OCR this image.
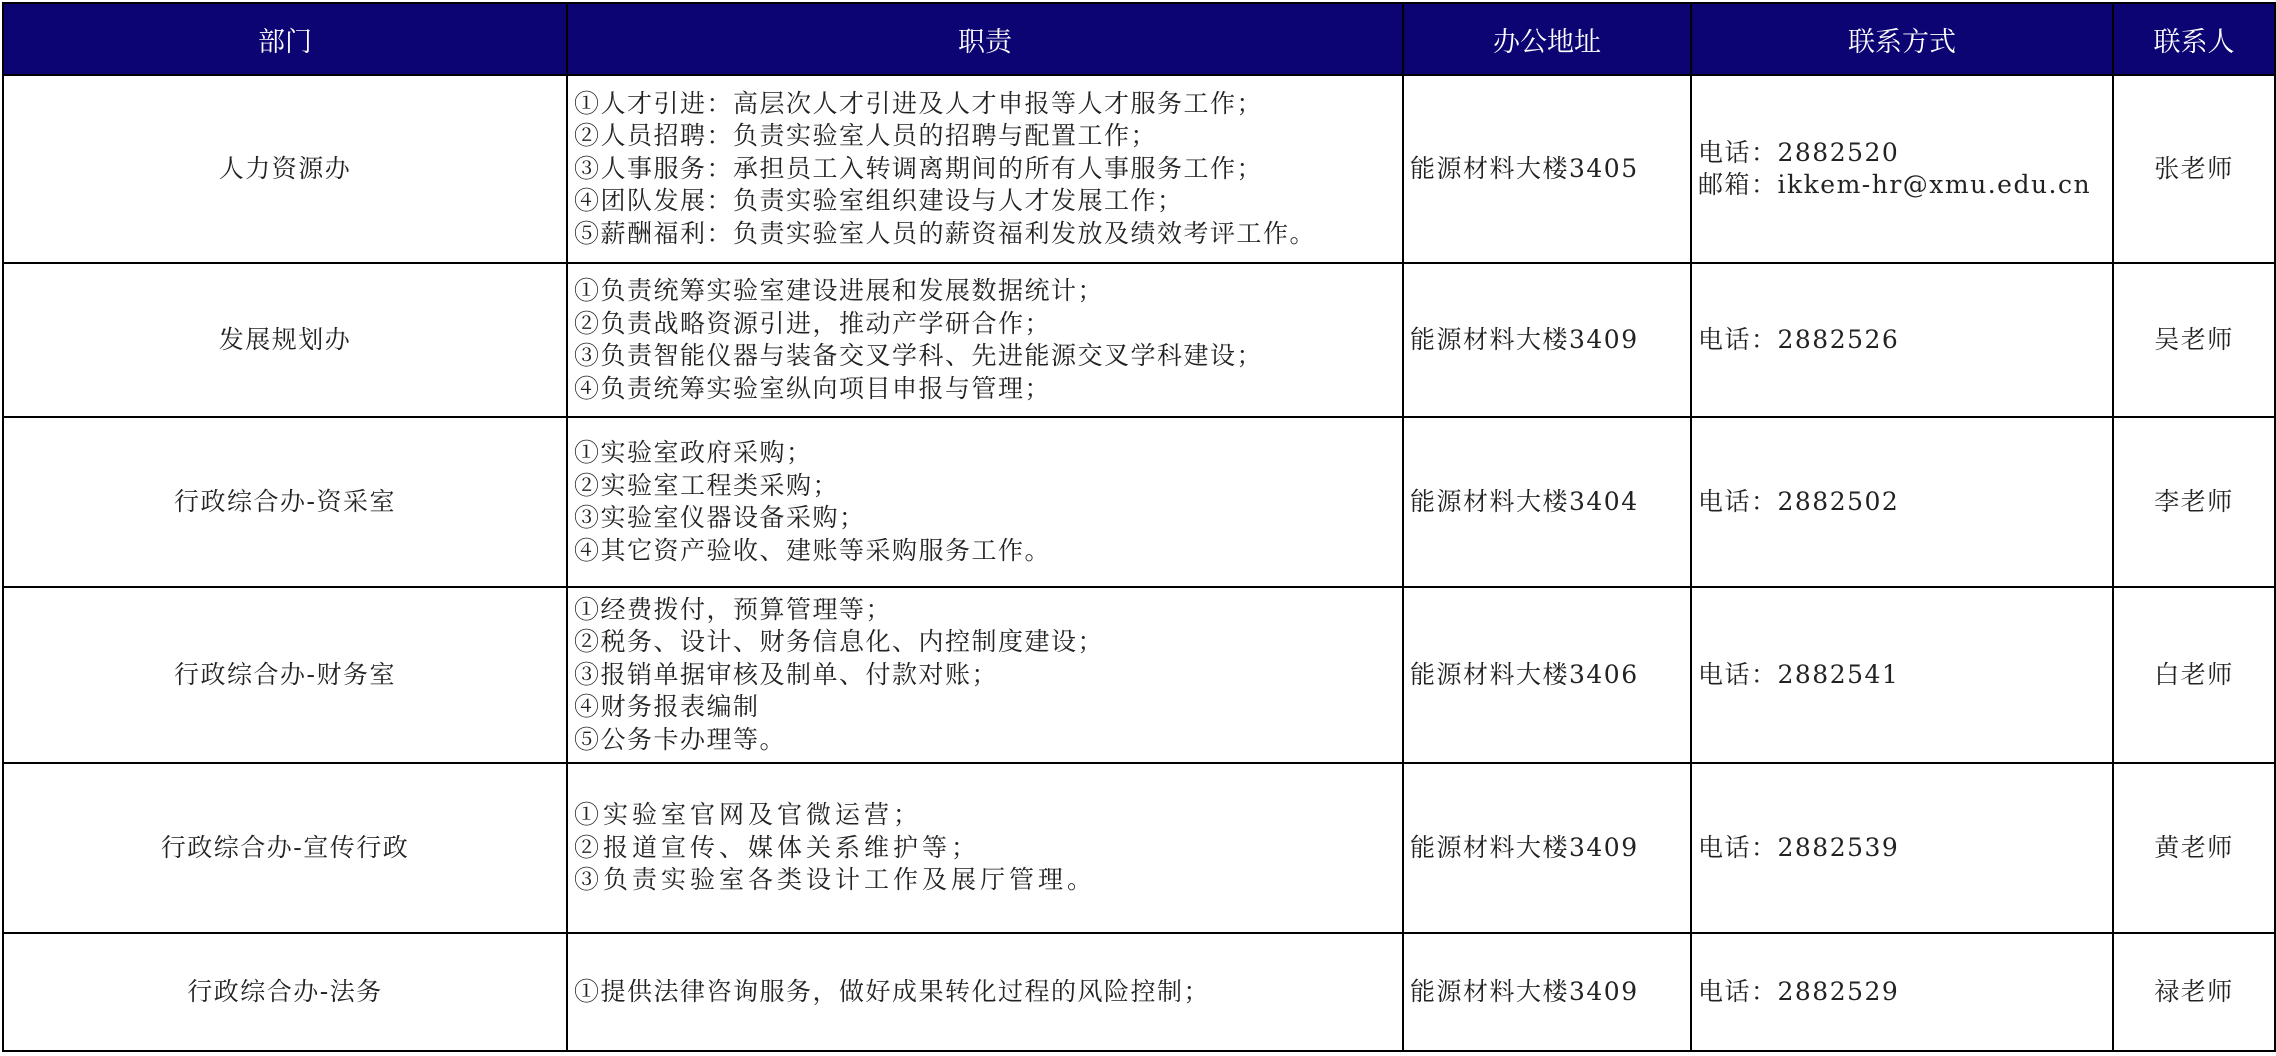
部门	职责	办公地址	联系方式	联系人
人力资源办	①人才引进：高层次人才引进及人才申报等人才服务工作；
②人员招聘：负责实验室人员的招聘与配置工作；
③人事服务：承担员工入转调离期间的所有人事服务工作；
④团队发展：负责实验室组织建设与人才发展工作；
⑤薪酬福利：负责实验室人员的薪资福利发放及绩效考评工作。	能源材料大楼3405	电话：2882520
邮箱：ikkem-hr@xmu.edu.cn	张老师
发展规划办	①负责统筹实验室建设进展和发展数据统计；
②负责战略资源引进，推动产学研合作；
③负责智能仪器与装备交叉学科、先进能源交叉学科建设；
④负责统筹实验室纵向项目申报与管理；	能源材料大楼3409	电话：2882526	吴老师
行政综合办-资采室	①实验室政府采购；
②实验室工程类采购；
③实验室仪器设备采购；
④其它资产验收、建账等采购服务工作。	能源材料大楼3404	电话：2882502	李老师
行政综合办-财务室	①经费拨付，预算管理等；
②税务、设计、财务信息化、内控制度建设；
③报销单据审核及制单、付款对账；
④财务报表编制
⑤公务卡办理等。	能源材料大楼3406	电话：2882541	白老师
行政综合办-宣传行政	①实验室官网及官微运营；
②报道宣传、媒体关系维护等；
③负责实验室各类设计工作及展厅管理。	能源材料大楼3409	电话：2882539	黄老师
行政综合办-法务	①提供法律咨询服务，做好成果转化过程的风险控制；	能源材料大楼3409	电话：2882529	禄老师
